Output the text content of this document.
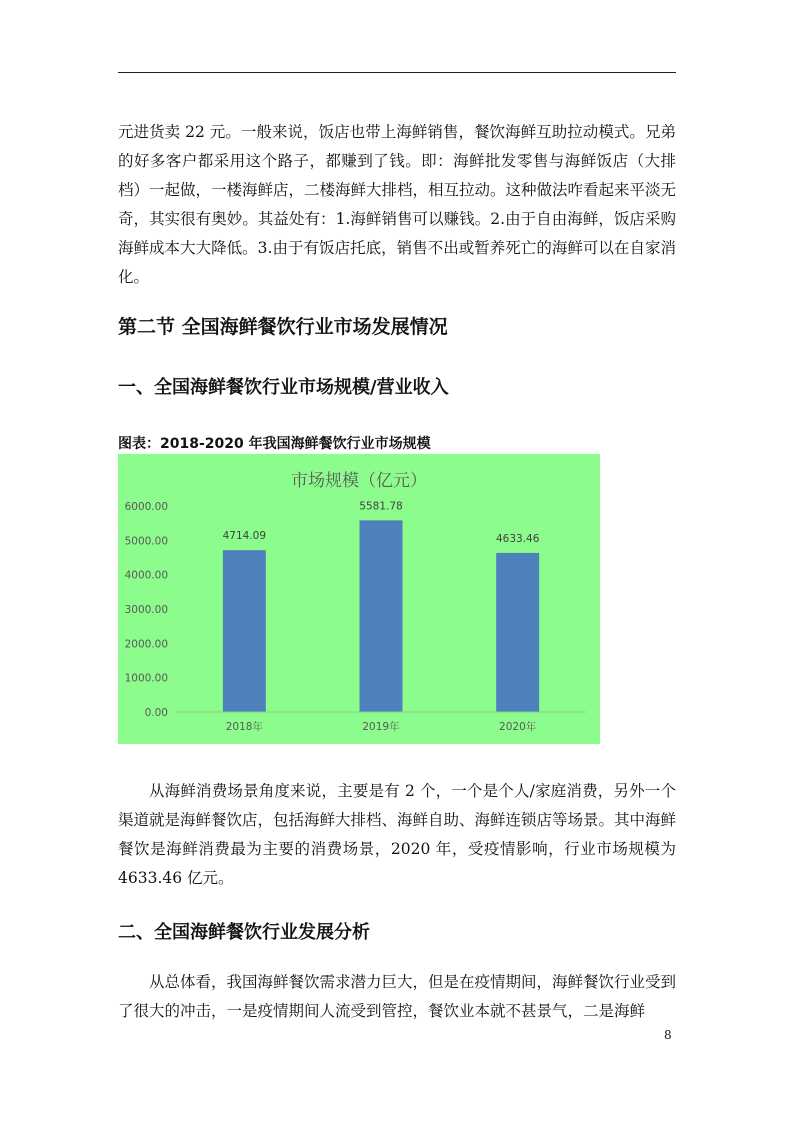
元进货卖 22 元。一般来说，饭店也带上海鲜销售，餐饮海鲜互助拉动模式。兄弟的好多客户都采用这个路子，都赚到了钱。即：海鲜批发零售与海鲜饭店（大排档）一起做，一楼海鲜店，二楼海鲜大排档，相互拉动。这种做法咋看起来平淡无奇，其实很有奥妙。其益处有：1.海鲜销售可以赚钱。2.由于自由海鲜，饭店采购海鲜成本大大降低。3.由于有饭店托底，销售不出或暂养死亡的海鲜可以在自家消化。

第二节 全国海鲜餐饮行业市场发展情况
一、全国海鲜餐饮行业市场规模/营业收入

图表：2018-2020 年我国海鲜餐饮行业市场规模

市场规模（亿元）
0.00
1000.00
2000.00
3000.00
4000.00
5000.00
6000.00
4714.09
5581.78
4633.46
2018年	2019年	2020年

从海鲜消费场景角度来说，主要是有 2 个，一个是个人/家庭消费，另外一个渠道就是海鲜餐饮店，包括海鲜大排档、海鲜自助、海鲜连锁店等场景。其中海鲜餐饮是海鲜消费最为主要的消费场景，2020 年，受疫情影响，行业市场规模为 4633.46 亿元。

二、全国海鲜餐饮行业发展分析

从总体看，我国海鲜餐饮需求潜力巨大，但是在疫情期间，海鲜餐饮行业受到了很大的冲击，一是疫情期间人流受到管控，餐饮业本就不甚景气，二是海鲜

8
